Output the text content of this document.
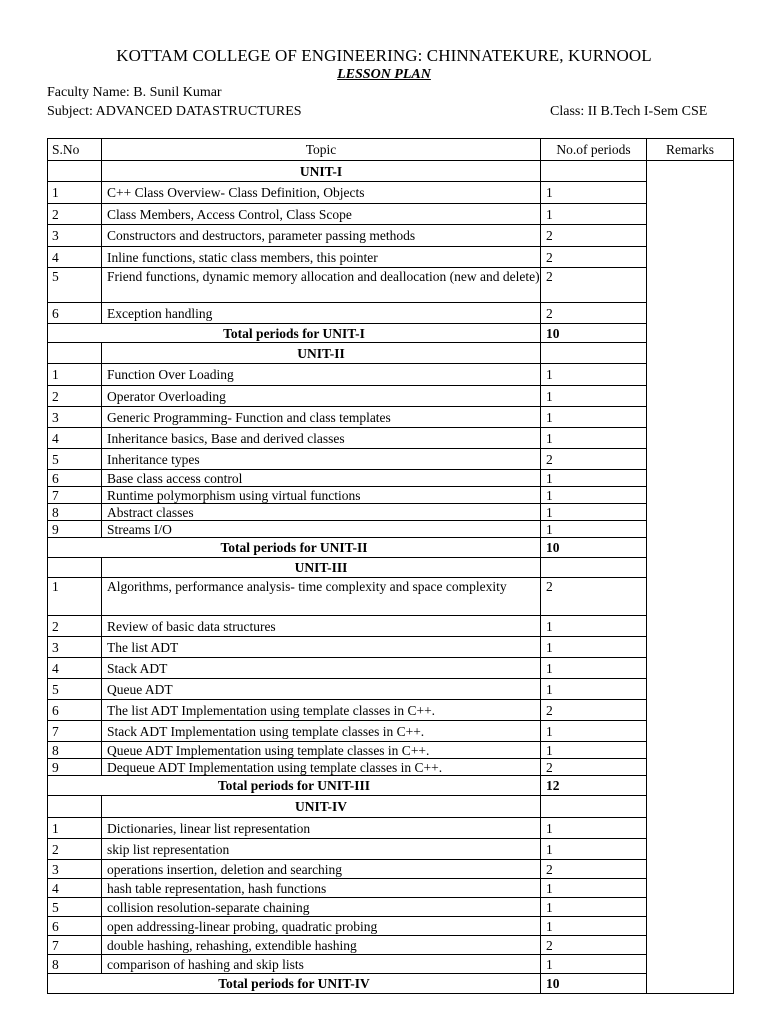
KOTTAM COLLEGE OF ENGINEERING: CHINNATEKURE, KURNOOL
LESSON PLAN
Faculty Name: B. Sunil Kumar
Subject: ADVANCED DATASTRUCTURES	Class: II B.Tech I-Sem CSE
S.No	Topic	No.of periods	Remarks
	UNIT-I		
1	C++ Class Overview- Class Definition, Objects	1	
2	Class Members, Access Control, Class Scope	1	
3	Constructors and destructors, parameter passing methods	2	
4	Inline functions, static class members, this pointer	2	
5	Friend functions, dynamic memory allocation and deallocation (new and delete)	2	
6	Exception handling	2	
Total periods for UNIT-I		10	
	UNIT-II		
1	Function Over Loading	1	
2	Operator Overloading	1	
3	Generic Programming- Function and class templates	1	
4	Inheritance basics, Base and derived classes	1	
5	Inheritance types	2	
6	Base class access control	1	
7	Runtime polymorphism using virtual functions	1	
8	Abstract classes	1	
9	Streams I/O	1	
Total periods for UNIT-II		10	
	UNIT-III		
1	Algorithms, performance analysis- time complexity and space complexity	2	
2	Review of basic data structures	1	
3	The list ADT	1	
4	Stack ADT	1	
5	Queue ADT	1	
6	The list ADT Implementation using template classes in C++.	2	
7	Stack ADT Implementation using template classes in C++.	1	
8	Queue ADT Implementation using template classes in C++.	1	
9	Dequeue ADT Implementation using template classes in C++.	2	
Total periods for UNIT-III		12	
	UNIT-IV		
1	Dictionaries, linear list representation	1	
2	skip list representation	1	
3	operations insertion, deletion and searching	2	
4	hash table representation, hash functions	1	
5	collision resolution-separate chaining	1	
6	open addressing-linear probing, quadratic probing	1	
7	double hashing, rehashing, extendible hashing	2	
8	comparison of hashing and skip lists	1	
Total periods for UNIT-IV		10	
